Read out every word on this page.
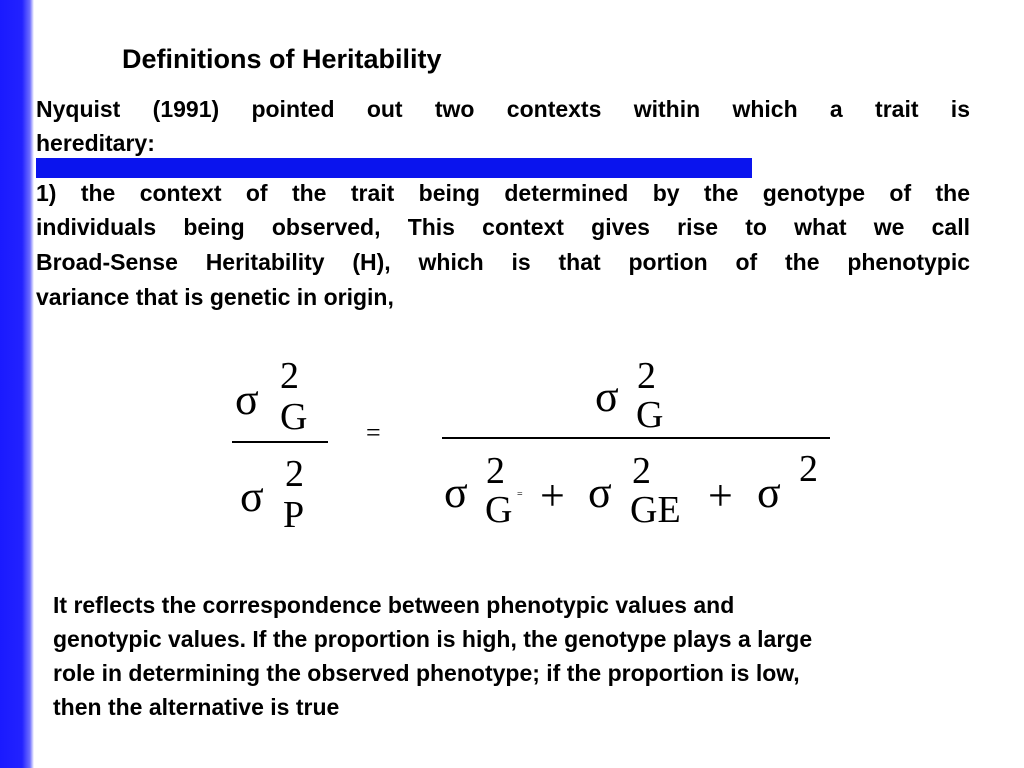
Definitions of Heritability
Nyquist (1991) pointed out two contexts within which a trait is
hereditary:
1) the context of the trait being determined by the genotype of the
individuals being observed, This context gives rise to what we call
Broad-Sense Heritability (H), which is that portion of the phenotypic
variance that is genetic in origin,
σ 2
G
σ 2
P
=
σ 2
G
σ 2
G = + σ 2
GE + σ 2
It reflects the correspondence between phenotypic values and
genotypic values. If the proportion is high, the genotype plays a large
role in determining the observed phenotype; if the proportion is low,
then the alternative is true
